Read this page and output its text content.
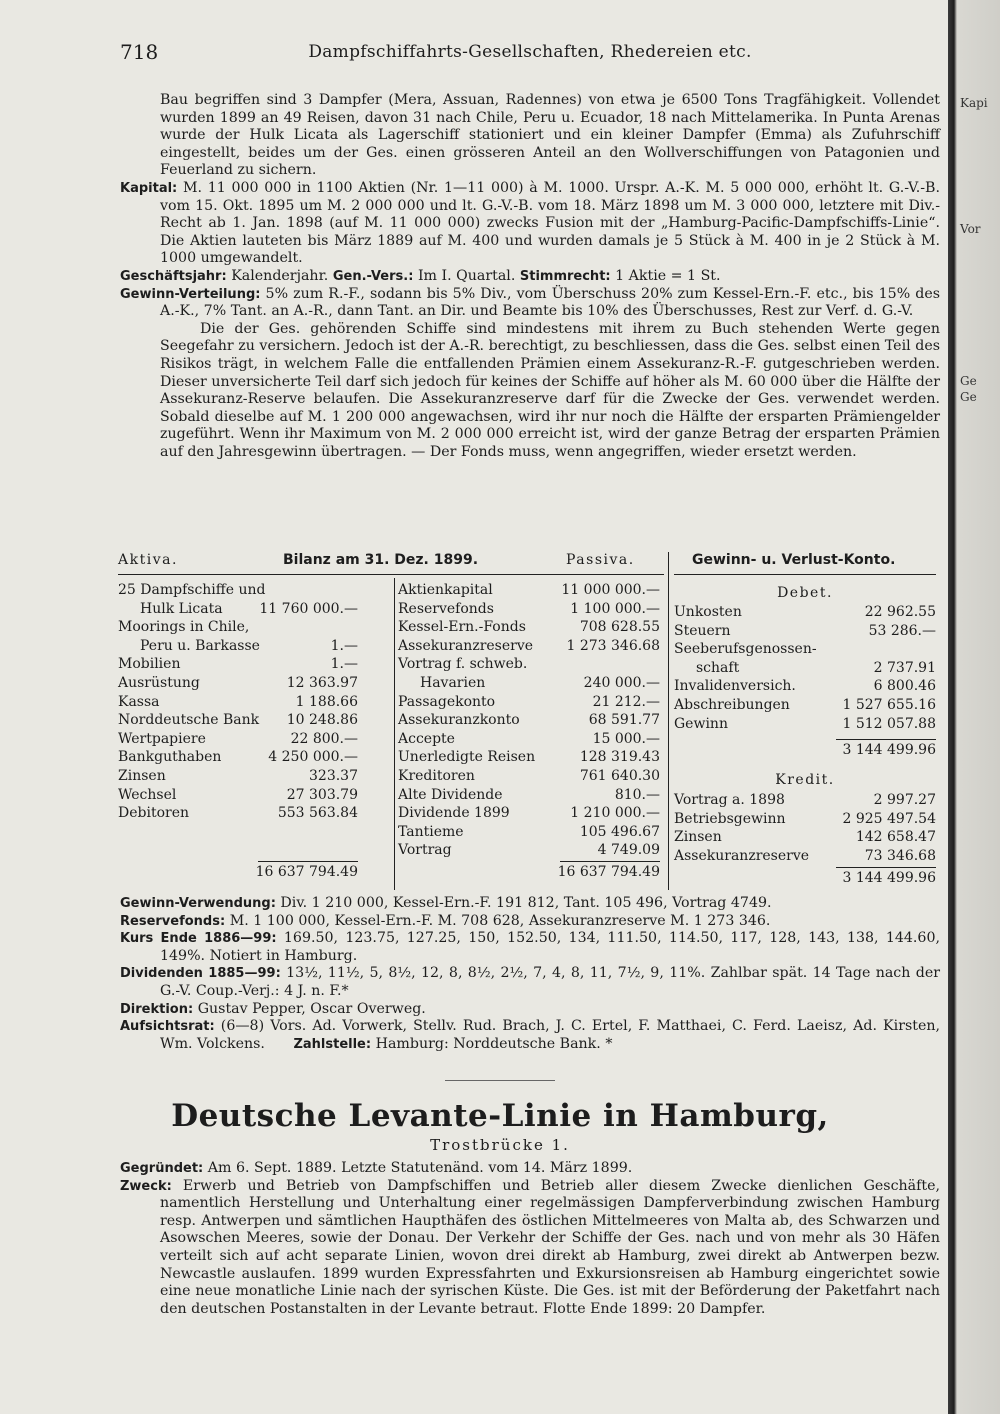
Kapi
Vor
Ge
Ge
718	Dampfschiffahrts-Gesellschaften, Rhedereien etc.

Bau begriffen sind 3 Dampfer (Mera, Assuan, Radennes) von etwa je 6500 Tons Tragfähigkeit. Vollendet wurden 1899 an 49 Reisen, davon 31 nach Chile, Peru u. Ecuador, 18 nach Mittelamerika. In Punta Arenas wurde der Hulk Licata als Lagerschiff stationiert und ein kleiner Dampfer (Emma) als Zufuhrschiff eingestellt, beides um der Ges. einen grösseren Anteil an den Wollverschiffungen von Patagonien und Feuerland zu sichern.

Kapital: M. 11 000 000 in 1100 Aktien (Nr. 1—11 000) à M. 1000. Urspr. A.-K. M. 5 000 000, erhöht lt. G.-V.-B. vom 15. Okt. 1895 um M. 2 000 000 und lt. G.-V.-B. vom 18. März 1898 um M. 3 000 000, letztere mit Div.-Recht ab 1. Jan. 1898 (auf M. 11 000 000) zwecks Fusion mit der „Hamburg-Pacific-Dampfschiffs-Linie“. Die Aktien lauteten bis März 1889 auf M. 400 und wurden damals je 5 Stück à M. 400 in je 2 Stück à M. 1000 umgewandelt.

Geschäftsjahr: Kalenderjahr. Gen.-Vers.: Im I. Quartal. Stimmrecht: 1 Aktie = 1 St.

Gewinn-Verteilung: 5% zum R.-F., sodann bis 5% Div., vom Überschuss 20% zum Kessel-Ern.-F. etc., bis 15% des A.-K., 7% Tant. an A.-R., dann Tant. an Dir. und Beamte bis 10% des Überschusses, Rest zur Verf. d. G.-V.

Die der Ges. gehörenden Schiffe sind mindestens mit ihrem zu Buch stehenden Werte gegen Seegefahr zu versichern. Jedoch ist der A.-R. berechtigt, zu beschliessen, dass die Ges. selbst einen Teil des Risikos trägt, in welchem Falle die entfallenden Prämien einem Assekuranz-R.-F. gutgeschrieben werden. Dieser unversicherte Teil darf sich jedoch für keines der Schiffe auf höher als M. 60 000 über die Hälfte der Assekuranz-Reserve belaufen. Die Assekuranzreserve darf für die Zwecke der Ges. verwendet werden. Sobald dieselbe auf M. 1 200 000 angewachsen, wird ihr nur noch die Hälfte der ersparten Prämiengelder zugeführt. Wenn ihr Maximum von M. 2 000 000 erreicht ist, wird der ganze Betrag der ersparten Prämien auf den Jahresgewinn übertragen. — Der Fonds muss, wenn angegriffen, wieder ersetzt werden.

Aktiva.	Bilanz am 31. Dez. 1899.	Passiva.	Gewinn- u. Verlust-Konto.
25 Dampfschiffe und
Hulk Licata	11 760 000.—
Moorings in Chile,
Peru u. Barkasse	1.—
Mobilien	1.—
Ausrüstung	12 363.97
Kassa	1 188.66
Norddeutsche Bank 10 248.86
Wertpapiere	22 800.—
Bankguthaben	4 250 000.—
Zinsen	323.37
Wechsel	27 303.79
Debitoren	553 563.84
16 637 794.49
Aktienkapital	11 000 000.—
Reservefonds	1 100 000.—
Kessel-Ern.-Fonds	708 628.55
Assekuranzreserve 1 273 346.68
Vortrag f. schweb.
Havarien	240 000.—
Passagekonto	21 212.—
Assekuranzkonto	68 591.77
Accepte	15 000.—
Unerledigte Reisen	128 319.43
Kreditoren	761 640.30
Alte Dividende	810.—
Dividende 1899	1 210 000.—
Tantieme	105 496.67
Vortrag	4 749.09
16 637 794.49
Debet.
Unkosten	22 962.55
Steuern	53 286.—
Seeberufsgenossen-
schaft	2 737.91
Invalidenversich.	6 800.46
Abschreibungen	1 527 655.16
Gewinn	1 512 057.88
3 144 499.96
Kredit.
Vortrag a. 1898	2 997.27
Betriebsgewinn	2 925 497.54
Zinsen	142 658.47
Assekuranzreserve	73 346.68
3 144 499.96

Gewinn-Verwendung: Div. 1 210 000, Kessel-Ern.-F. 191 812, Tant. 105 496, Vortrag 4749.

Reservefonds: M. 1 100 000, Kessel-Ern.-F. M. 708 628, Assekuranzreserve M. 1 273 346.

Kurs Ende 1886—99: 169.50, 123.75, 127.25, 150, 152.50, 134, 111.50, 114.50, 117, 128, 143, 138, 144.60, 149%. Notiert in Hamburg.

Dividenden 1885—99: 13½, 11½, 5, 8½, 12, 8, 8½, 2½, 7, 4, 8, 11, 7½, 9, 11%. Zahlbar spät. 14 Tage nach der G.-V. Coup.-Verj.: 4 J. n. F.*

Direktion: Gustav Pepper, Oscar Overweg.

Aufsichtsrat: (6—8) Vors. Ad. Vorwerk, Stellv. Rud. Brach, J. C. Ertel, F. Matthaei, C. Ferd. Laeisz, Ad. Kirsten, Wm. Volckens. Zahlstelle: Hamburg: Norddeutsche Bank. *

Deutsche Levante-Linie in Hamburg,
Trostbrücke 1.

Gegründet: Am 6. Sept. 1889. Letzte Statutenänd. vom 14. März 1899.

Zweck: Erwerb und Betrieb von Dampfschiffen und Betrieb aller diesem Zwecke dienlichen Geschäfte, namentlich Herstellung und Unterhaltung einer regelmässigen Dampferverbindung zwischen Hamburg resp. Antwerpen und sämtlichen Haupthäfen des östlichen Mittelmeeres von Malta ab, des Schwarzen und Asowschen Meeres, sowie der Donau. Der Verkehr der Schiffe der Ges. nach und von mehr als 30 Häfen verteilt sich auf acht separate Linien, wovon drei direkt ab Hamburg, zwei direkt ab Antwerpen bezw. Newcastle auslaufen. 1899 wurden Expressfahrten und Exkursionsreisen ab Hamburg eingerichtet sowie eine neue monatliche Linie nach der syrischen Küste. Die Ges. ist mit der Beförderung der Paketfahrt nach den deutschen Postanstalten in der Levante betraut. Flotte Ende 1899: 20 Dampfer.
